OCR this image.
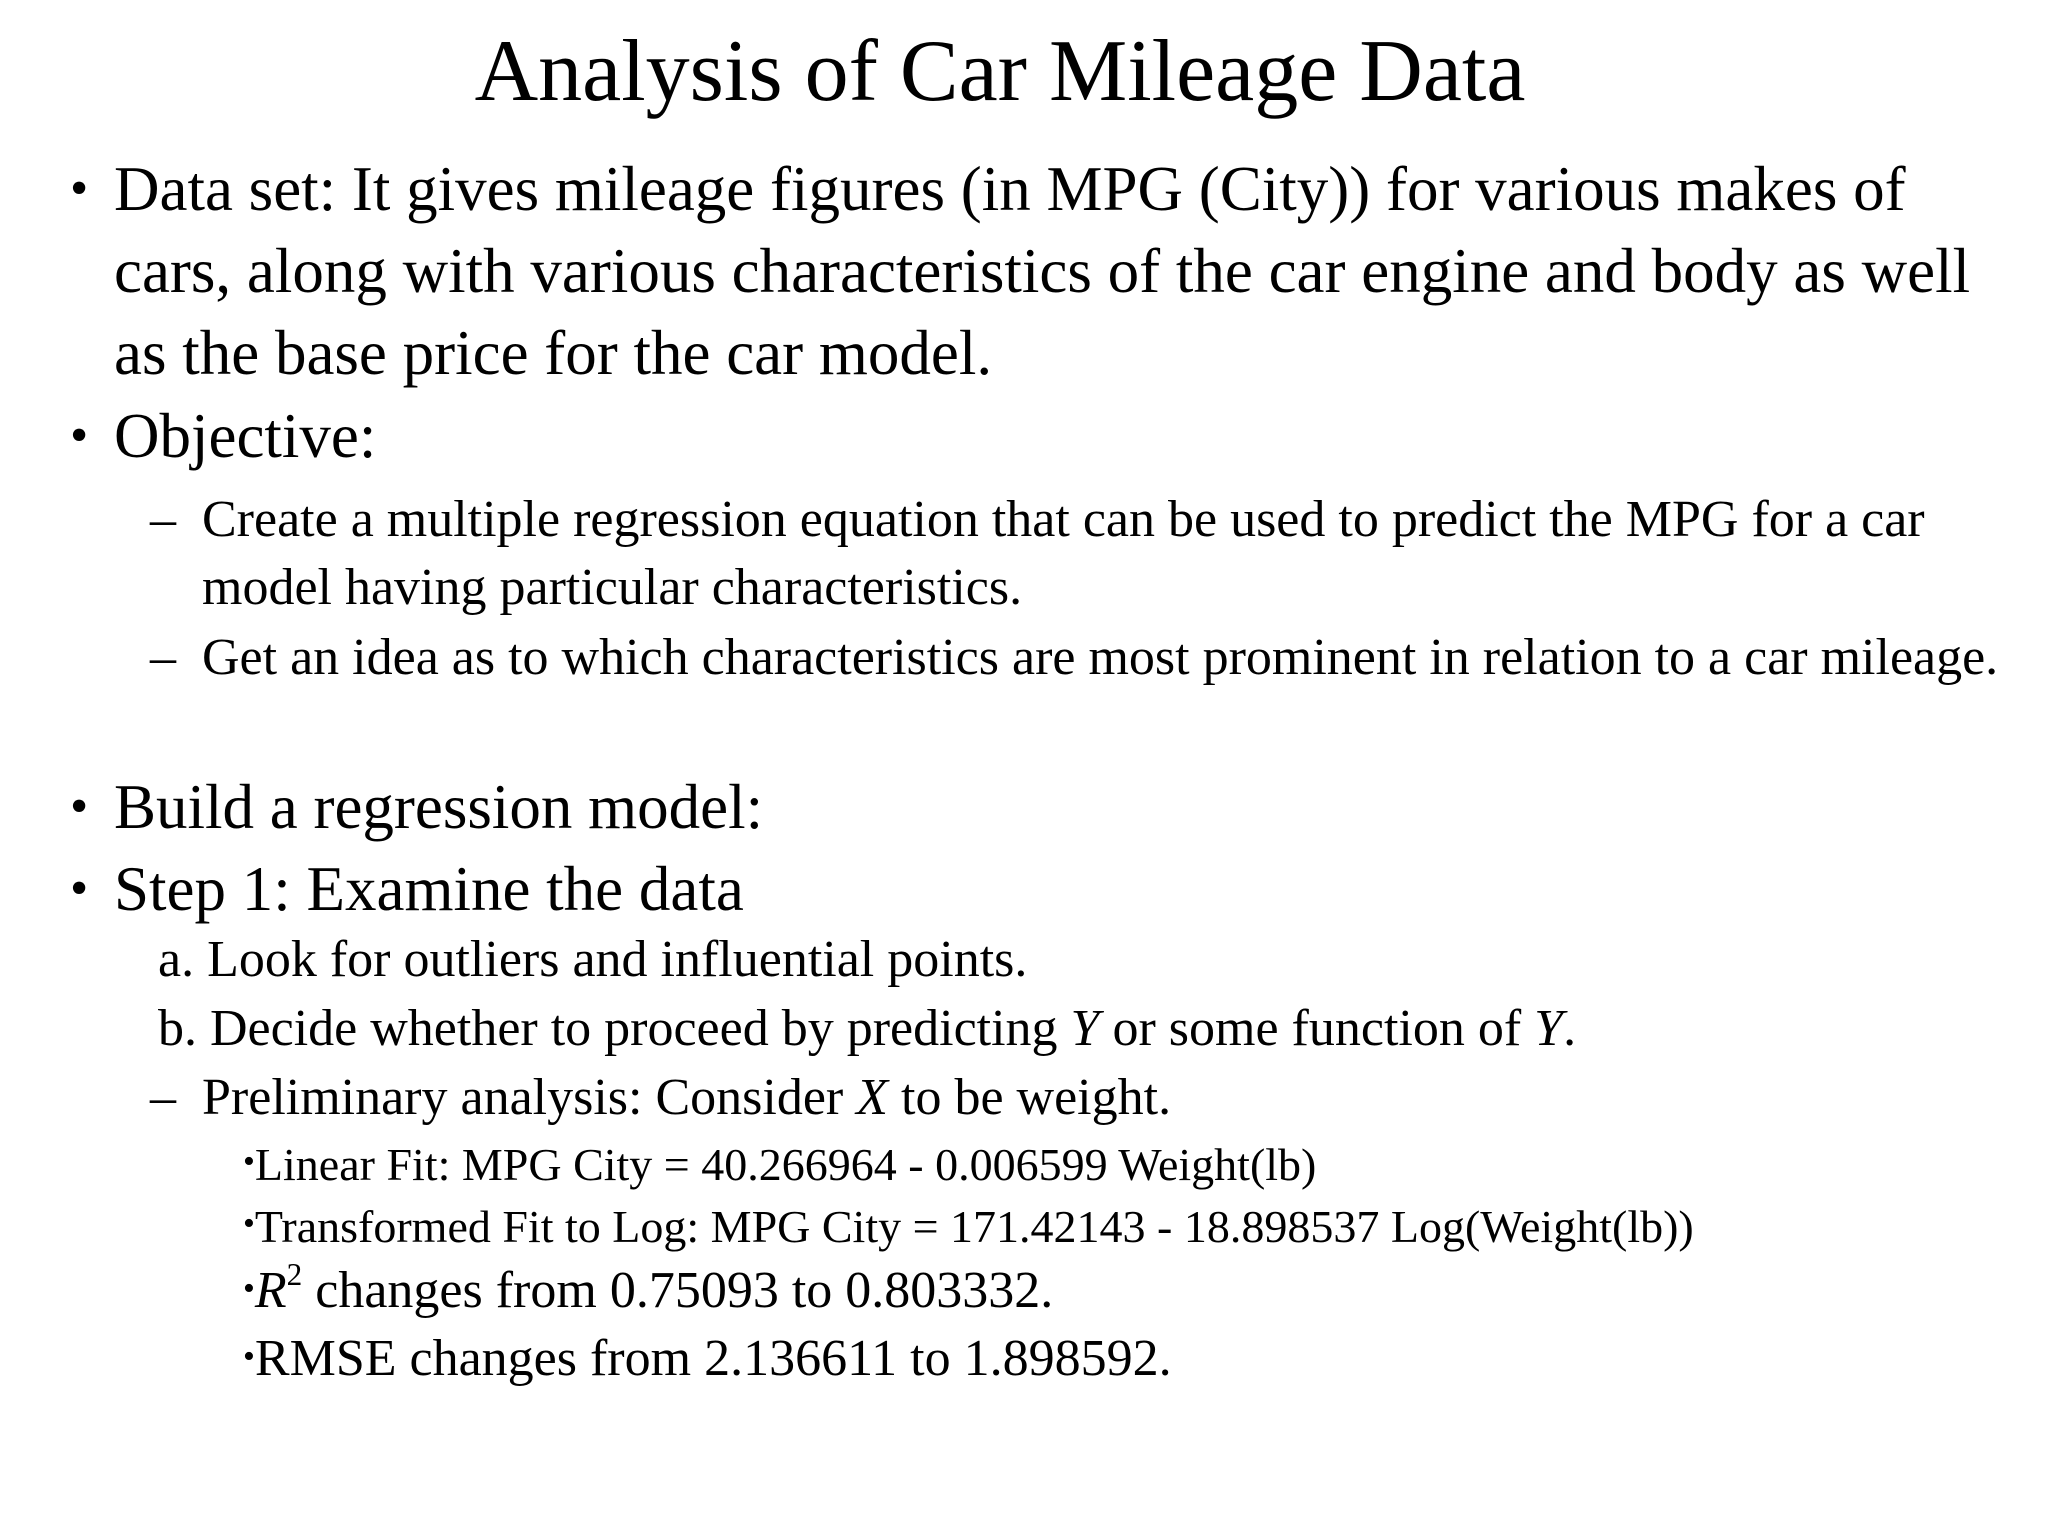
Analysis of Car Mileage Data
• Data set: It gives mileage figures (in MPG (City)) for various makes of cars, along with various characteristics of the car engine and body as well as the base price for the car model.
• Objective:
– Create a multiple regression equation that can be used to predict the MPG for a car model having particular characteristics.
– Get an idea as to which characteristics are most prominent in relation to a car mileage.
• Build a regression model:
• Step 1: Examine the data
a. Look for outliers and influential points.
b. Decide whether to proceed by predicting Y or some function of Y.
– Preliminary analysis: Consider X to be weight.
•Linear Fit: MPG City = 40.266964 - 0.006599 Weight(lb)
•Transformed Fit to Log: MPG City = 171.42143 - 18.898537 Log(Weight(lb))
$•R^2$ changes from 0.75093 to 0.803332.
•RMSE changes from 2.136611 to 1.898592.
